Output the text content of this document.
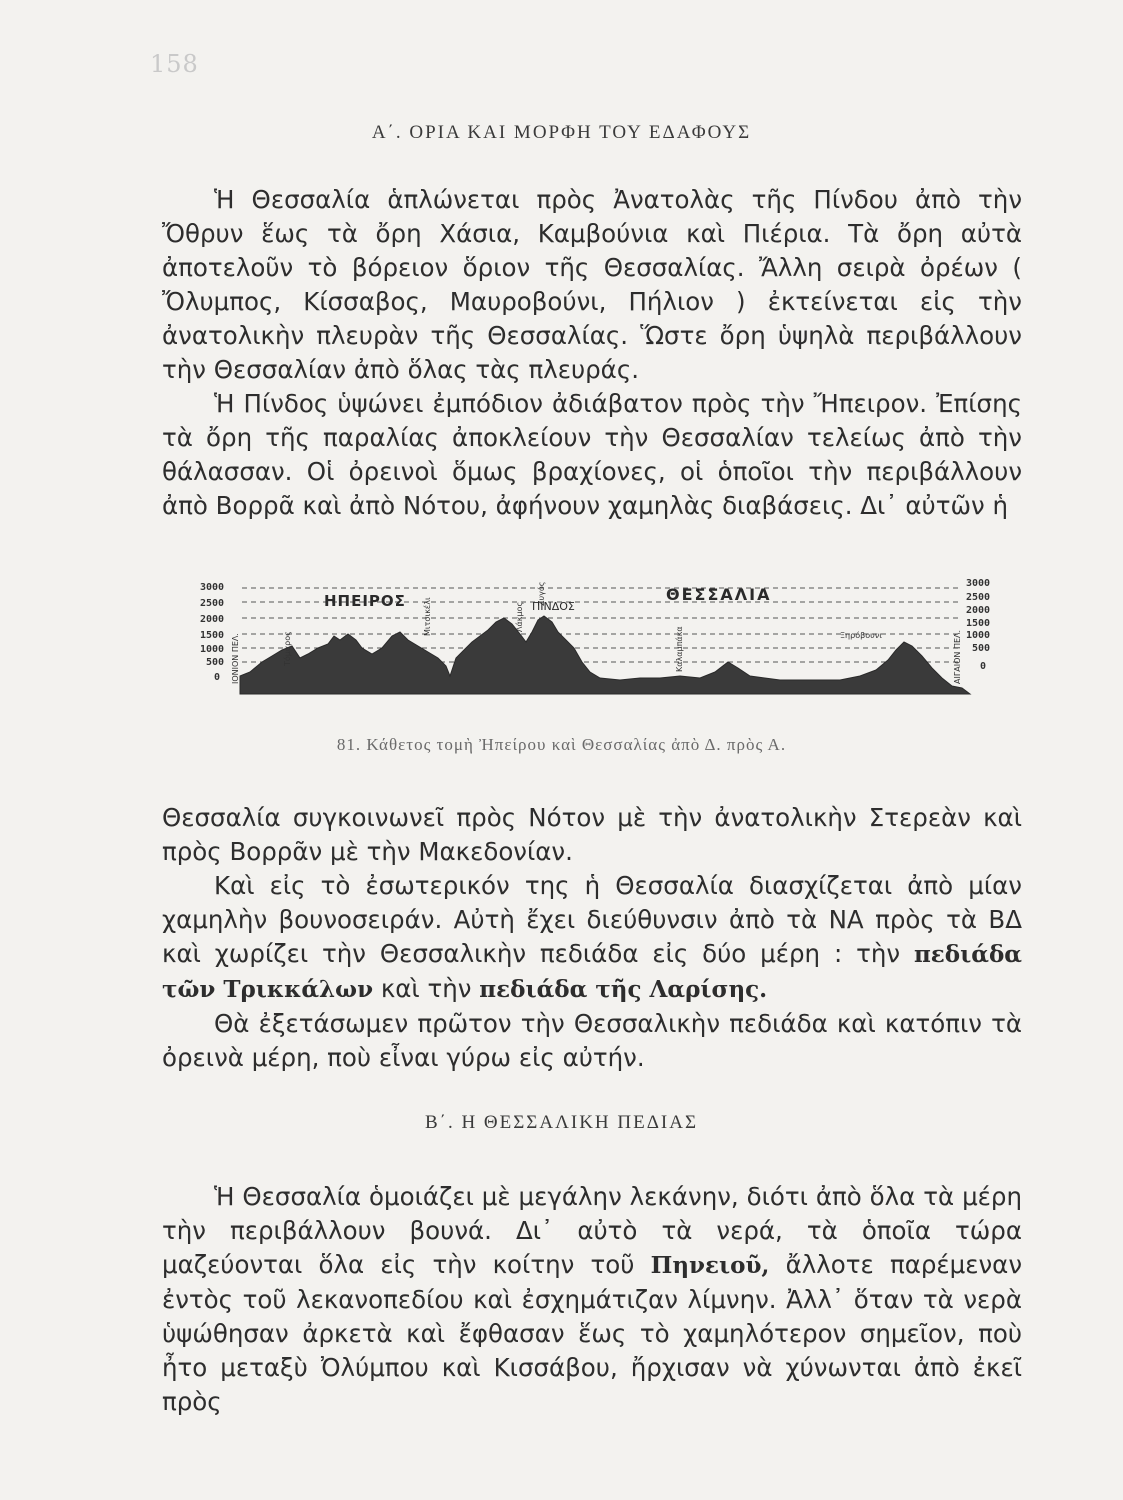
158
Α΄. ΟΡΙΑ ΚΑΙ ΜΟΡΦΗ ΤΟΥ ΕΔΑΦΟΥΣ

Ἡ Θεσσαλία ἁπλώνεται πρὸς Ἀνατολὰς τῆς Πίνδου ἀπὸ τὴν Ὄθρυν ἕως τὰ ὄρη Χάσια, Καμβούνια καὶ Πιέρια. Τὰ ὄρη αὐτὰ ἀποτελοῦν τὸ βόρειον ὅριον τῆς Θεσσαλίας. Ἄλλη σειρὰ ὀρέων ( Ὄλυμπος, Κίσσαβος, Μαυροβούνι, Πήλιον ) ἐκτείνεται εἰς τὴν ἀνατολικὴν πλευρὰν τῆς Θεσσαλίας. Ὥστε ὄρη ὑψηλὰ περιβάλλουν τὴν Θεσσαλίαν ἀπὸ ὅλας τὰς πλευράς.

Ἡ Πίνδος ὑψώνει ἐμπόδιον ἀδιάβατον πρὸς τὴν Ἤπειρον. Ἐπίσης τὰ ὄρη τῆς παραλίας ἀποκλείουν τὴν Θεσσαλίαν τελείως ἀπὸ τὴν θάλασσαν. Οἱ ὀρεινοὶ ὅμως βραχίονες, οἱ ὁποῖοι τὴν περιβάλλουν ἀπὸ Βορρᾶ καὶ ἀπὸ Νότου, ἀφήνουν χαμηλὰς διαβάσεις. Δι᾽ αὐτῶν ἡ

3000
2500
2000
1500
1000
500
0
3000
2500
2000
1500
1000
500
0
ΙΟΝΙΟΝ ΠΕΛ.	ΑΙΓΑΙΟΝ ΠΕΛ.
Τόμαρος
Μιτσικέλι	Λάκμος
Καλαμπάκα
Ζυγός
Ξηρόβουνι
ΗΠΕΙΡΟΣ	ΘΕΣΣΑΛΙΑ
ΠΙΝΔΟΣ
81. Κάθετος τομὴ Ἠπείρου καὶ Θεσσαλίας ἀπὸ Δ. πρὸς Α.

Θεσσαλία συγκοινωνεῖ πρὸς Νότον μὲ τὴν ἀνατολικὴν Στερεὰν καὶ πρὸς Βορρᾶν μὲ τὴν Μακεδονίαν.

Καὶ εἰς τὸ ἐσωτερικόν της ἡ Θεσσαλία διασχίζεται ἀπὸ μίαν χαμηλὴν βουνοσειράν. Αὐτὴ ἔχει διεύθυνσιν ἀπὸ τὰ ΝΑ πρὸς τὰ ΒΔ καὶ χωρίζει τὴν Θεσσαλικὴν πεδιάδα εἰς δύο μέρη : τὴν πεδιάδα τῶν Τρικκάλων καὶ τὴν πεδιάδα τῆς Λαρίσης.

Θὰ ἐξετάσωμεν πρῶτον τὴν Θεσσαλικὴν πεδιάδα καὶ κατόπιν τὰ ὀρεινὰ μέρη, ποὺ εἶναι γύρω εἰς αὐτήν.

Β΄. Η ΘΕΣΣΑΛΙΚΗ ΠΕΔΙΑΣ

Ἡ Θεσσαλία ὁμοιάζει μὲ μεγάλην λεκάνην, διότι ἀπὸ ὅλα τὰ μέρη τὴν περιβάλλουν βουνά. Δι᾽ αὐτὸ τὰ νερά, τὰ ὁποῖα τώρα μαζεύονται ὅλα εἰς τὴν κοίτην τοῦ Πηνειοῦ, ἄλλοτε παρέμεναν ἐντὸς τοῦ λεκανοπεδίου καὶ ἐσχημάτιζαν λίμνην. Ἀλλ᾽ ὅταν τὰ νερὰ ὑψώθησαν ἀρκετὰ καὶ ἔφθασαν ἕως τὸ χαμηλότερον σημεῖον, ποὺ ἦτο μεταξὺ Ὀλύμπου καὶ Κισσάβου, ἤρχισαν νὰ χύνωνται ἀπὸ ἐκεῖ πρὸς
